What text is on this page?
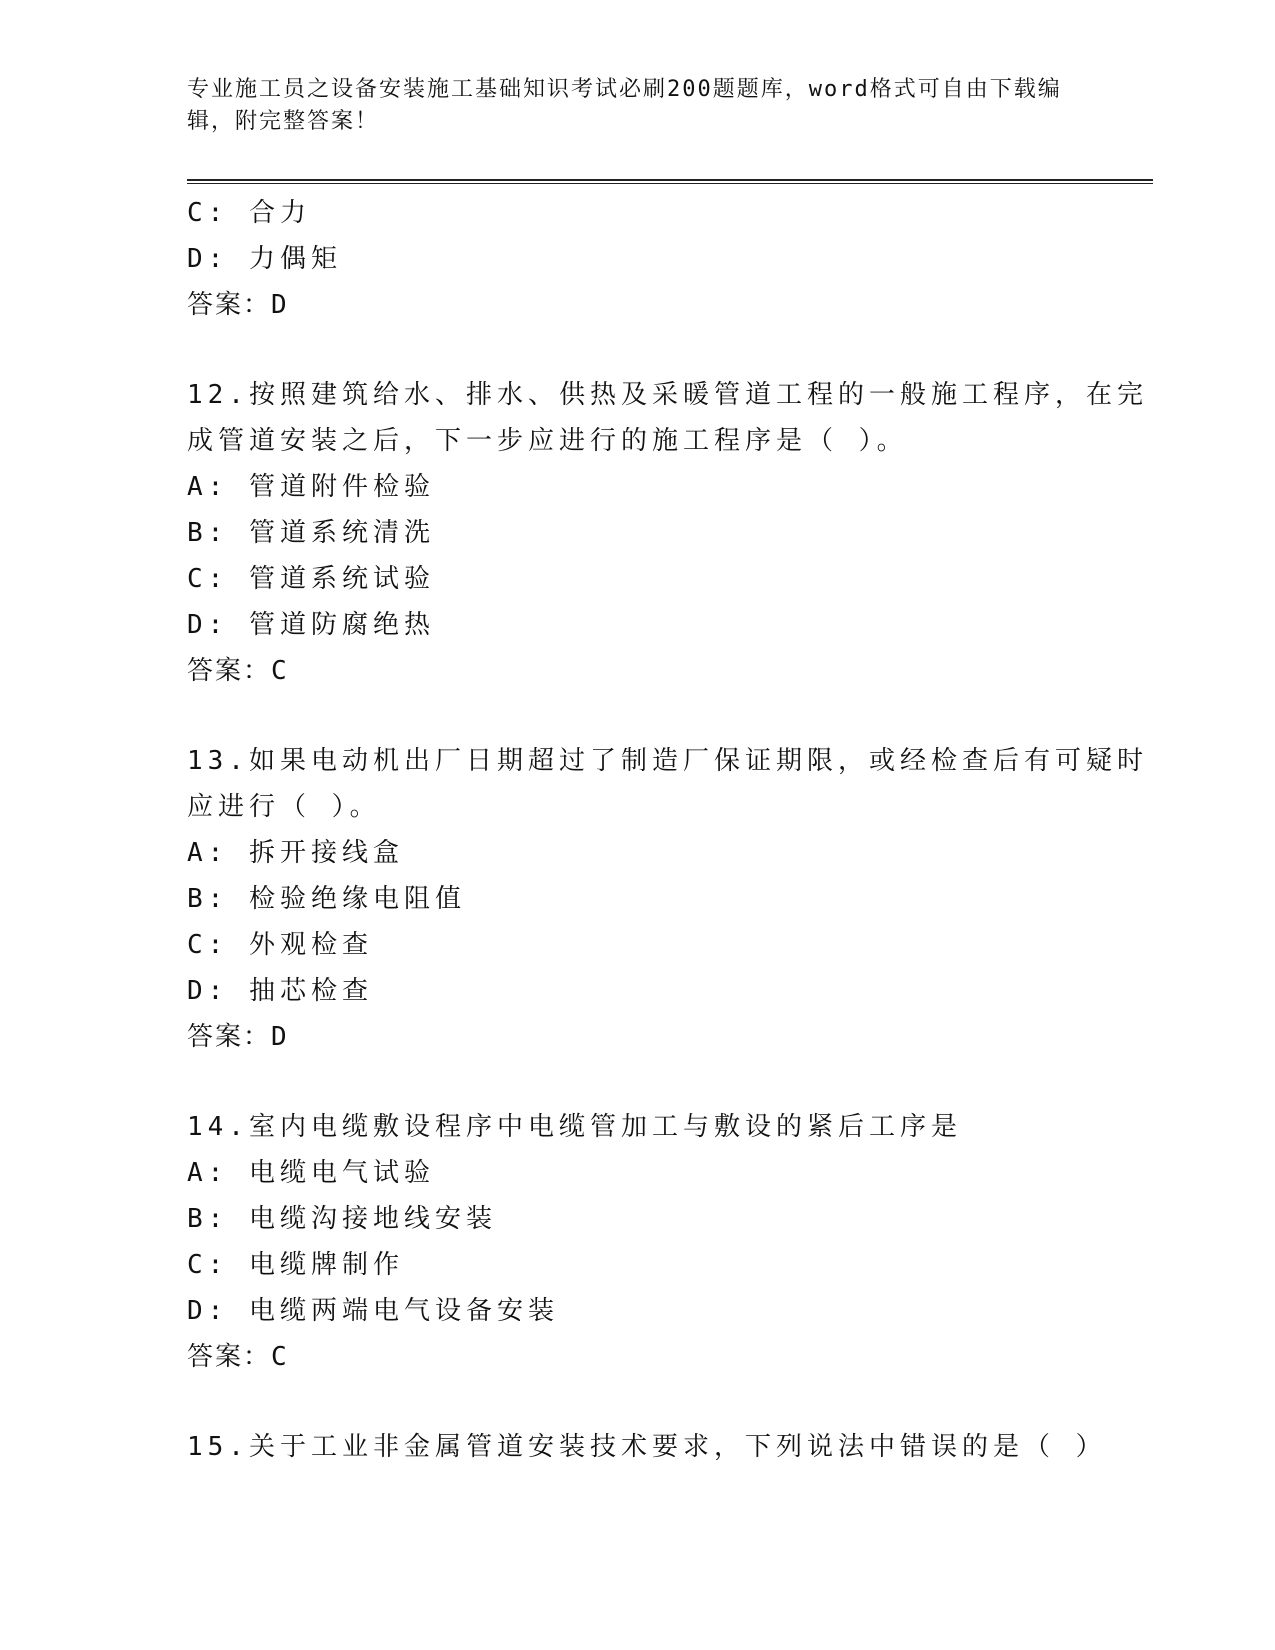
专业施工员之设备安装施工基础知识考试必刷200题题库，word格式可自由下载编辑，附完整答案！
C: 合力
D: 力偶矩
答案：D
12.按照建筑给水、排水、供热及采暖管道工程的一般施工程序，在完
成管道安装之后，下一步应进行的施工程序是（ ）。
A: 管道附件检验
B: 管道系统清洗
C: 管道系统试验
D: 管道防腐绝热
答案：C
13.如果电动机出厂日期超过了制造厂保证期限，或经检查后有可疑时
应进行（ ）。
A: 拆开接线盒
B: 检验绝缘电阻值
C: 外观检查
D: 抽芯检查
答案：D
14.室内电缆敷设程序中电缆管加工与敷设的紧后工序是
A: 电缆电气试验
B: 电缆沟接地线安装
C: 电缆牌制作
D: 电缆两端电气设备安装
答案：C
15.关于工业非金属管道安装技术要求，下列说法中错误的是（ ）
